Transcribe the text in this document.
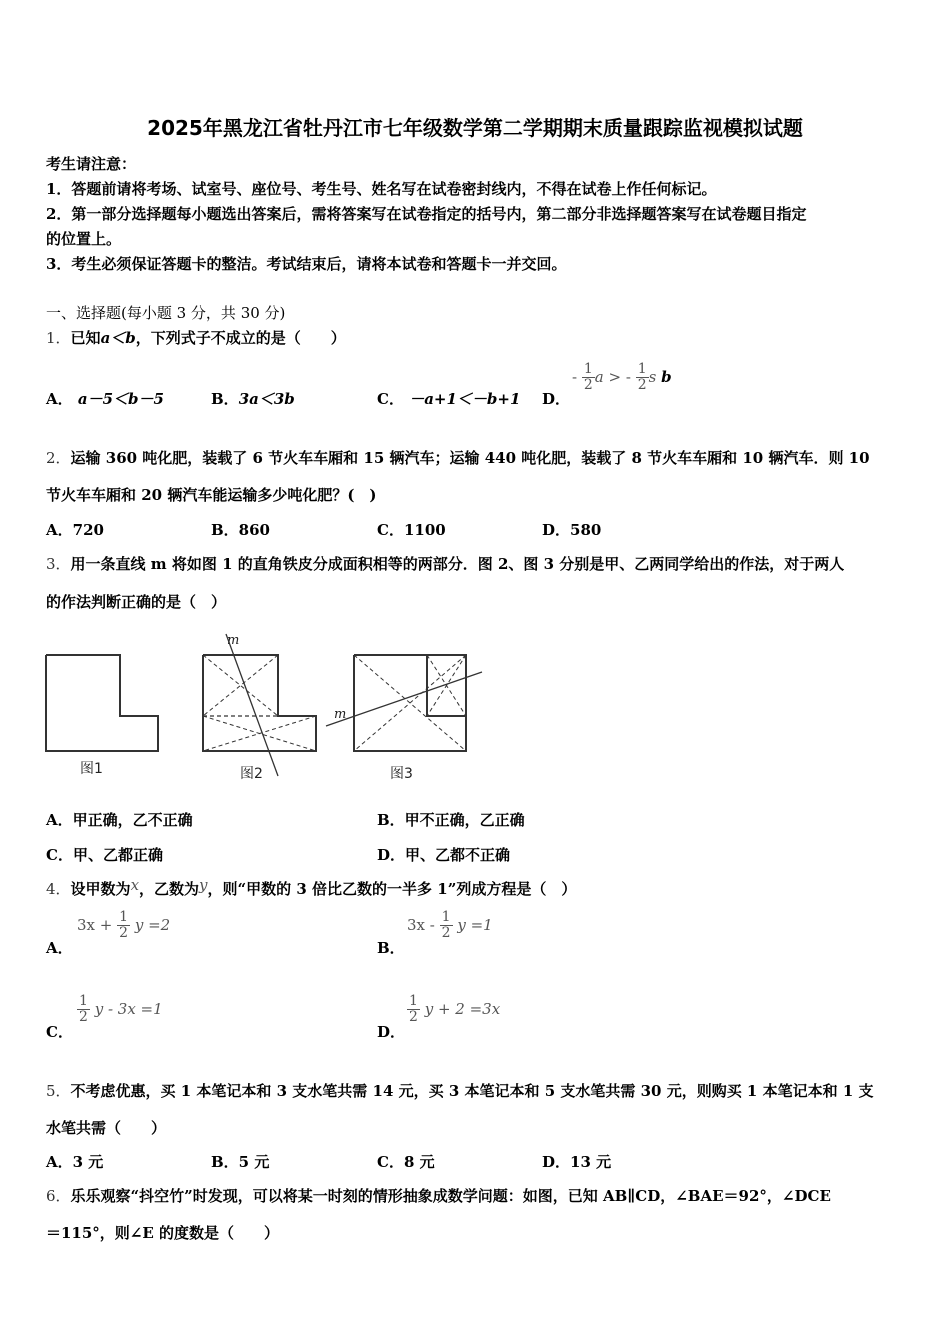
2025年黑龙江省牡丹江市七年级数学第二学期期末质量跟踪监视模拟试题
考生请注意：
1．答题前请将考场、试室号、座位号、考生号、姓名写在试卷密封线内，不得在试卷上作任何标记。
2．第一部分选择题每小题选出答案后，需将答案写在试卷指定的括号内，第二部分非选择题答案写在试卷题目指定
的位置上。
3．考生必须保证答题卡的整洁。考试结束后，请将本试卷和答题卡一并交回。
一、选择题(每小题 3 分，共 30 分)
1．已知a＜b，下列式子不成立的是（　　）
A． a－5＜b－5	B．3a＜3b	C． －a+1＜－b+1 D．
- $\frac{1}{2}$ a > - $\frac{1}{2}$ s b
2．运输 360 吨化肥，装载了 6 节火车车厢和 15 辆汽车；运输 440 吨化肥，装载了 8 节火车车厢和 10 辆汽车．则 10
节火车车厢和 20 辆汽车能运输多少吨化肥？(　)
A．720	B．860	C．1100	D．580
3．用一条直线 m 将如图 1 的直角铁皮分成面积相等的两部分．图 2、图 3 分别是甲、乙两同学给出的作法，对于两人
的作法判断正确的是（　）
图1
m
图2
m
图3
A．甲正确，乙不正确	B．甲不正确，乙正确
C．甲、乙都正确	D．甲、乙都不正确
4．设甲数为x，乙数为y，则“甲数的 3 倍比乙数的一半多 1”列成方程是（　）
A．
$3x + \frac{1}{2}$ y =2
B．
$3x - \frac{1}{2}$ y =1
C．
$\frac{1}{2}$ y - 3x =1
D．
$\frac{1}{2}$ y + 2 =3x
5．不考虑优惠，买 1 本笔记本和 3 支水笔共需 14 元，买 3 本笔记本和 5 支水笔共需 30 元，则购买 1 本笔记本和 1 支
水笔共需（　　）
A．3 元	B．5 元	C．8 元	D．13 元
6．乐乐观察“抖空竹”时发现，可以将某一时刻的情形抽象成数学问题：如图，已知 AB∥CD，∠BAE＝92°，∠DCE
＝115°，则∠E 的度数是（　　）
